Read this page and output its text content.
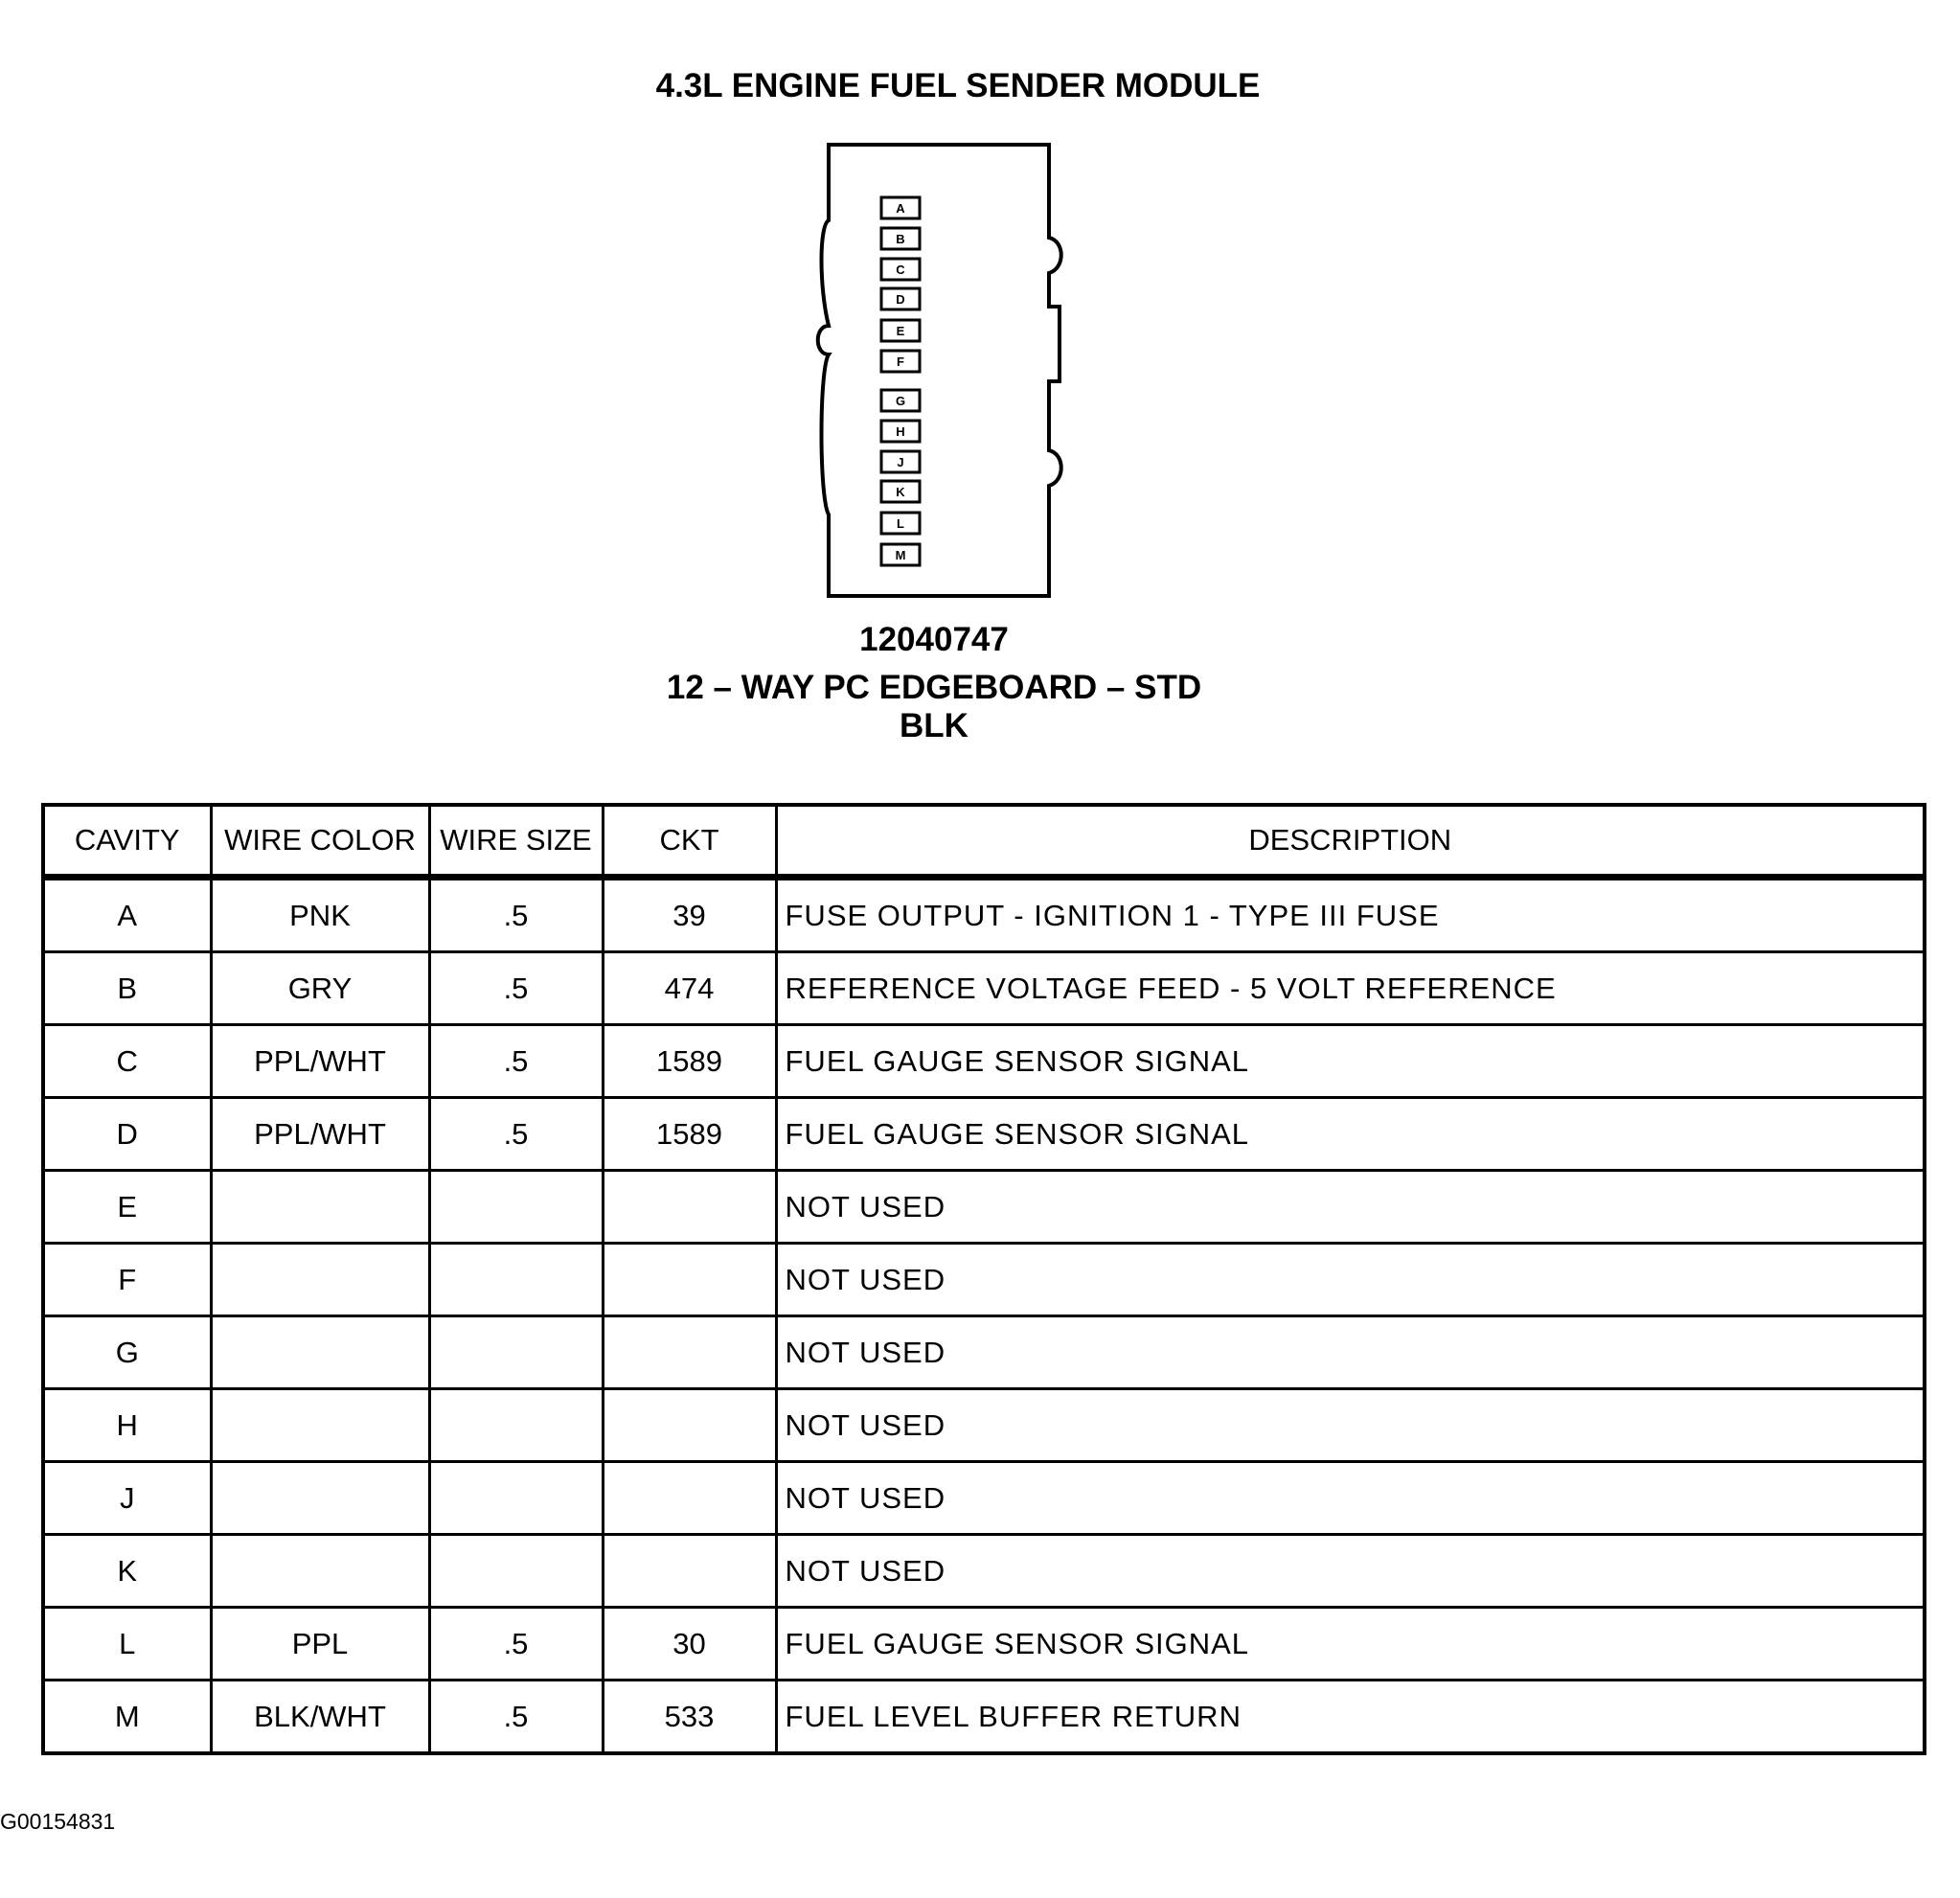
4.3L ENGINE FUEL SENDER MODULE
A
B
C
D
E
F
G
H
J
K
L
M
12040747
12 – WAY PC EDGEBOARD – STD
BLK
CAVITY	WIRE COLOR	WIRE SIZE	CKT	DESCRIPTION
A	PNK	.5	39	FUSE OUTPUT - IGNITION 1 - TYPE III FUSE
B	GRY	.5	474	REFERENCE VOLTAGE FEED - 5 VOLT REFERENCE
C	PPL/WHT	.5	1589	FUEL GAUGE SENSOR SIGNAL
D	PPL/WHT	.5	1589	FUEL GAUGE SENSOR SIGNAL
E				NOT USED
F				NOT USED
G				NOT USED
H				NOT USED
J				NOT USED
K				NOT USED
L	PPL	.5	30	FUEL GAUGE SENSOR SIGNAL
M	BLK/WHT	.5	533	FUEL LEVEL BUFFER RETURN
G00154831
